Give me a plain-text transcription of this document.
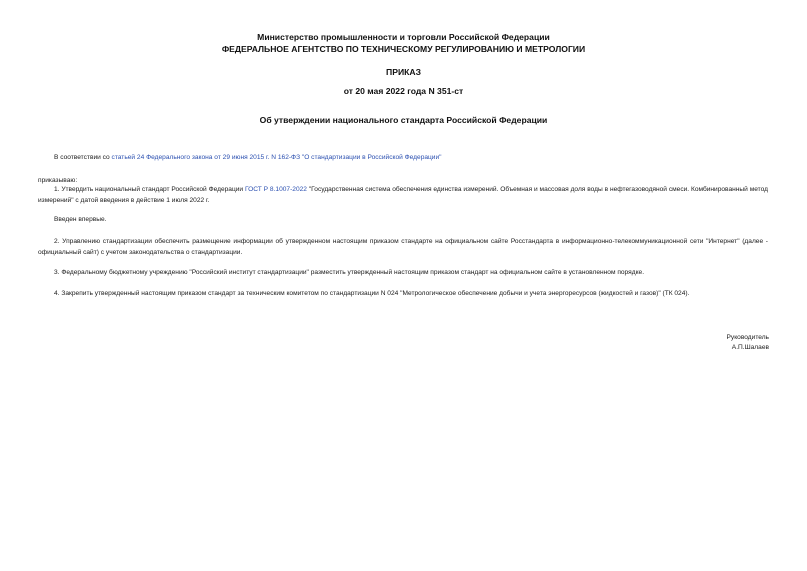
Министерство промышленности и торговли Российской Федерации
ФЕДЕРАЛЬНОЕ АГЕНТСТВО ПО ТЕХНИЧЕСКОМУ РЕГУЛИРОВАНИЮ И МЕТРОЛОГИИ
ПРИКАЗ
от 20 мая 2022 года N 351-ст
Об утверждении национального стандарта Российской Федерации
В соответствии со статьей 24 Федерального закона от 29 июня 2015 г. N 162-ФЗ "О стандартизации в Российской Федерации"
приказываю:
1. Утвердить национальный стандарт Российской Федерации ГОСТ Р 8.1007-2022 "Государственная система обеспечения единства измерений. Объемная и массовая доля воды в нефтегазоводяной смеси. Комбинированный метод измерений" с датой введения в действие 1 июля 2022 г.
Введен впервые.
2. Управлению стандартизации обеспечить размещение информации об утвержденном настоящим приказом стандарте на официальном сайте Росстандарта в информационно-телекоммуникационной сети "Интернет" (далее - официальный сайт) с учетом законодательства о стандартизации.
3. Федеральному бюджетному учреждению "Российский институт стандартизации" разместить утвержденный настоящим приказом стандарт на официальном сайте в установленном порядке.
4. Закрепить утвержденный настоящим приказом стандарт за техническим комитетом по стандартизации N 024 "Метрологическое обеспечение добычи и учета энергоресурсов (жидкостей и газов)" (ТК 024).
Руководитель
А.П.Шалаев
